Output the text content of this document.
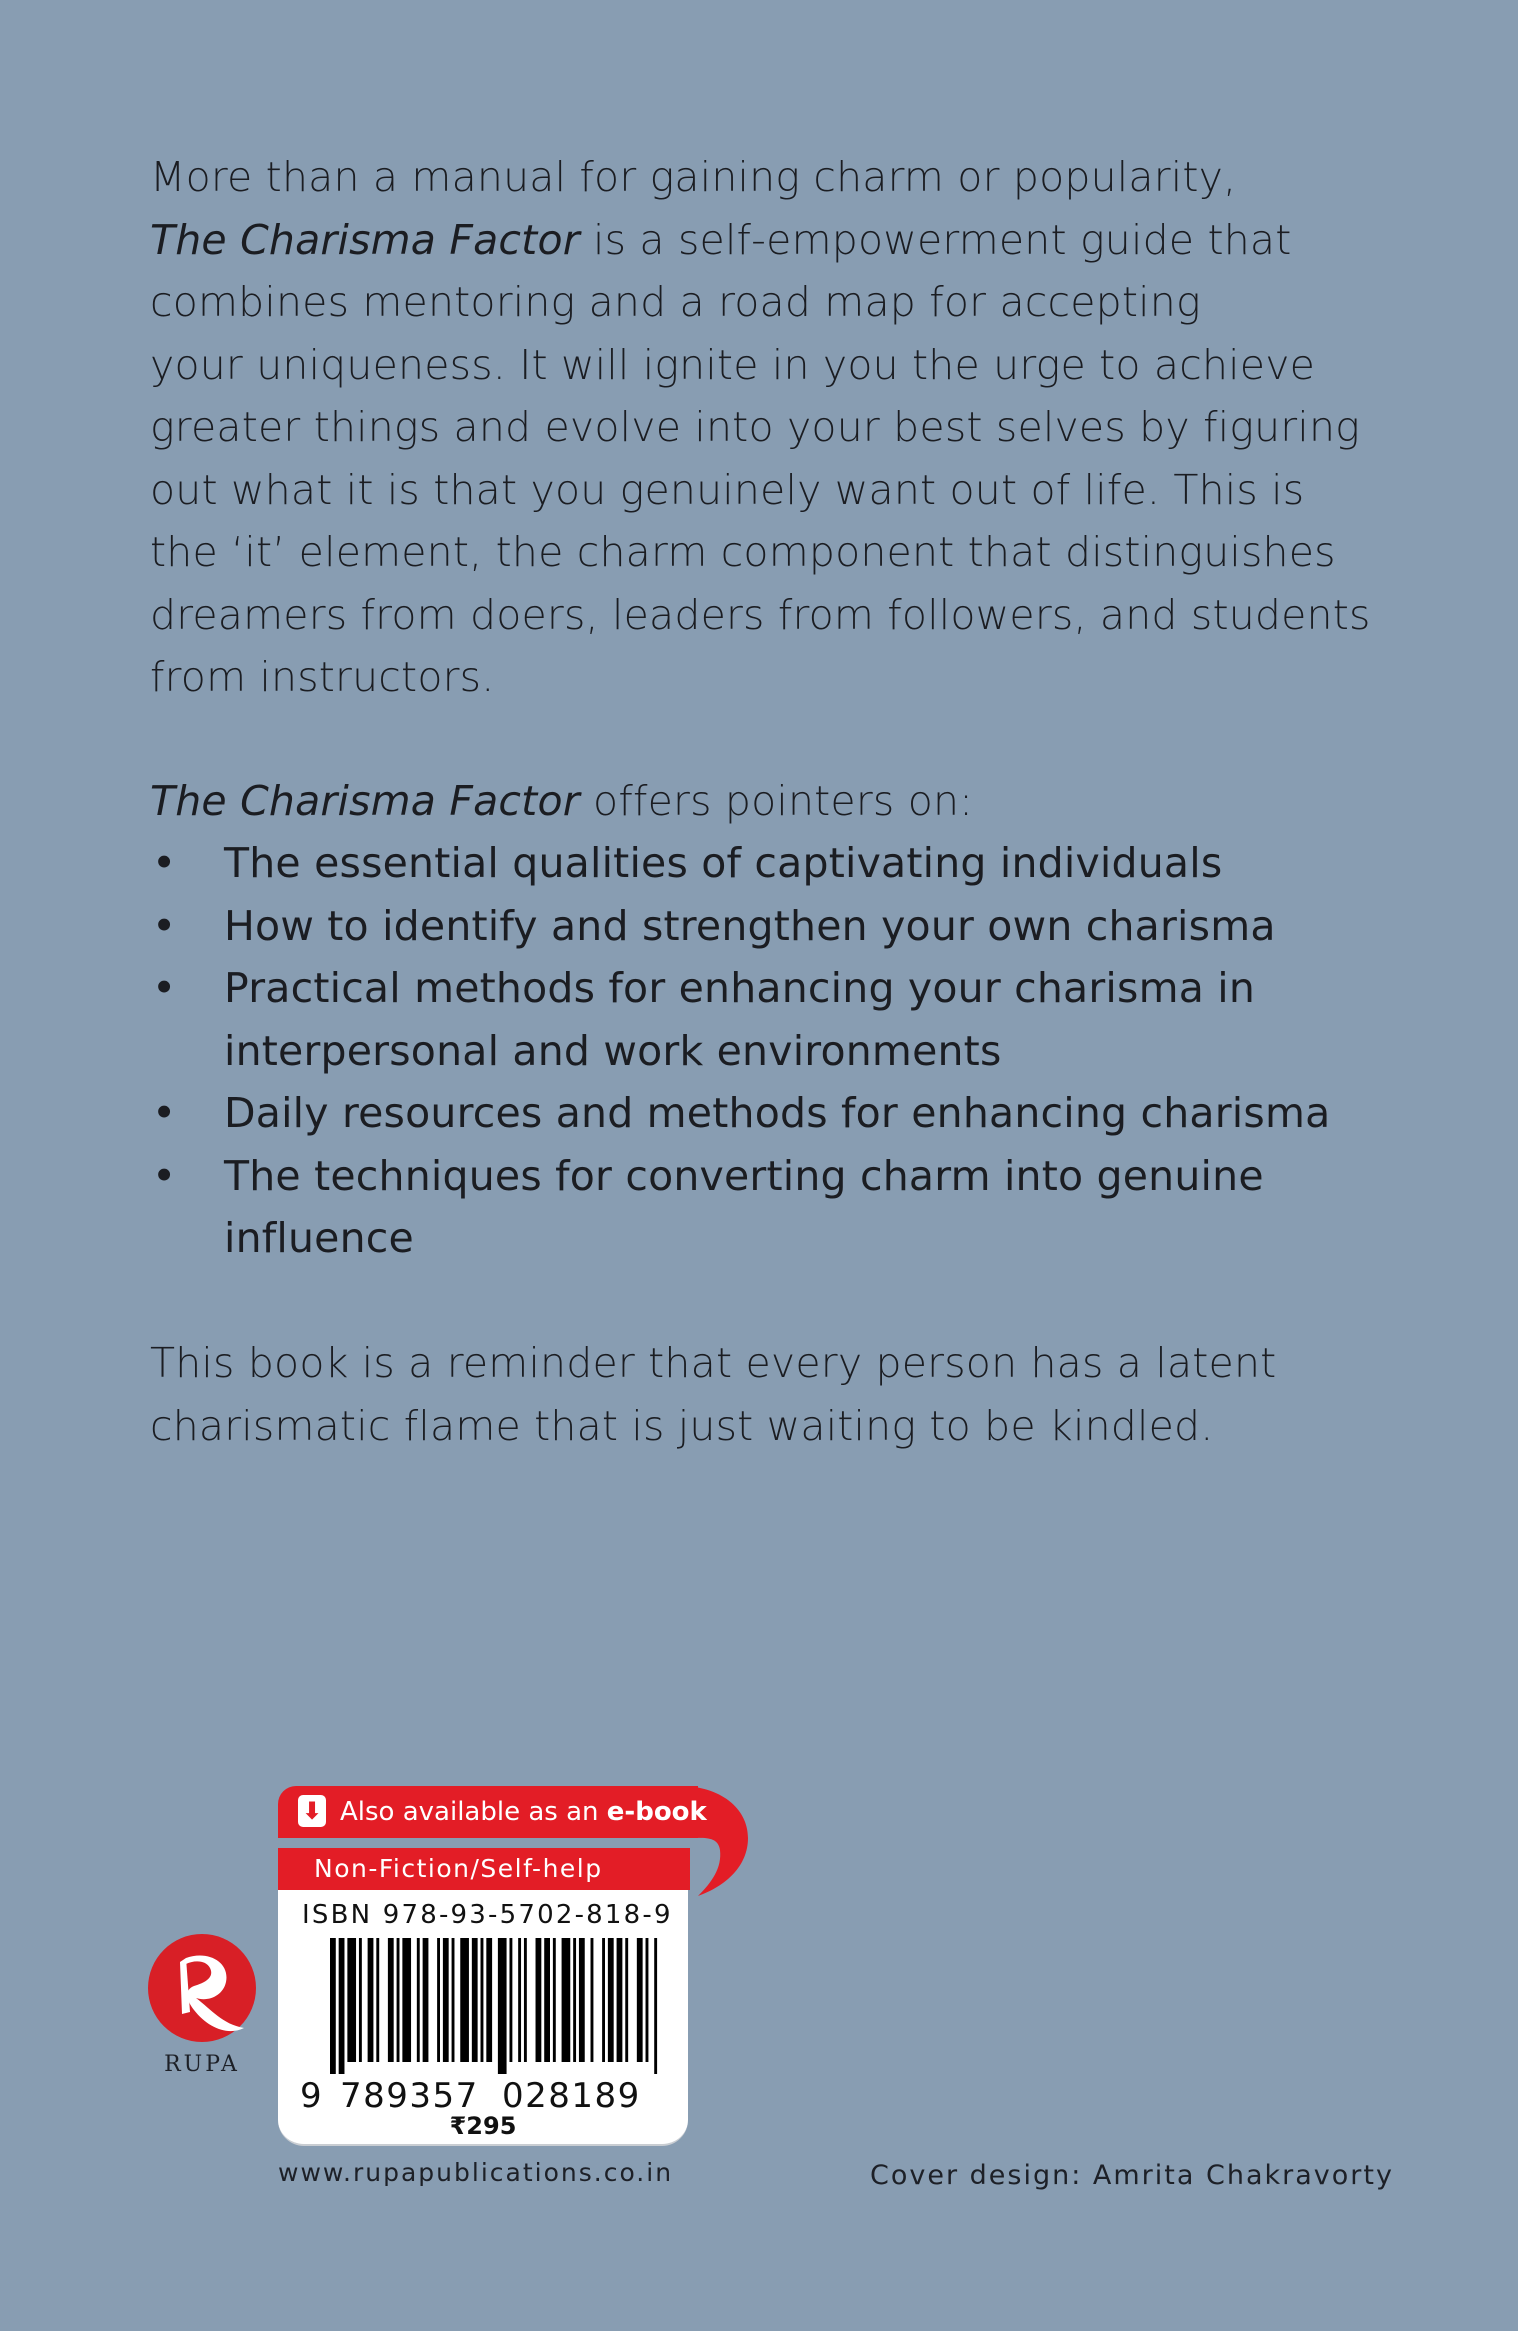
More than a manual for gaining charm or popularity,

The Charisma Factor is a self-empowerment guide that

combines mentoring and a road map for accepting

your uniqueness. It will ignite in you the urge to achieve

greater things and evolve into your best selves by figuring

out what it is that you genuinely want out of life. This is

the ‘it’ element, the charm component that distinguishes

dreamers from doers, leaders from followers, and students

from instructors.

The Charisma Factor offers pointers on:

• The essential qualities of captivating individuals
• How to identify and strengthen your own charisma
• Practical methods for enhancing your charisma in
interpersonal and work environments
• Daily resources and methods for enhancing charisma
• The techniques for converting charm into genuine
influence

This book is a reminder that every person has a latent

charismatic flame that is just waiting to be kindled.

⬇ Also available as an e-book
Non-Fiction/Self-help
ISBN 978-93-5702-818-9
9 789357 028189
₹295
RUPA
www.rupapublications.co.in	Cover design: Amrita Chakravorty
